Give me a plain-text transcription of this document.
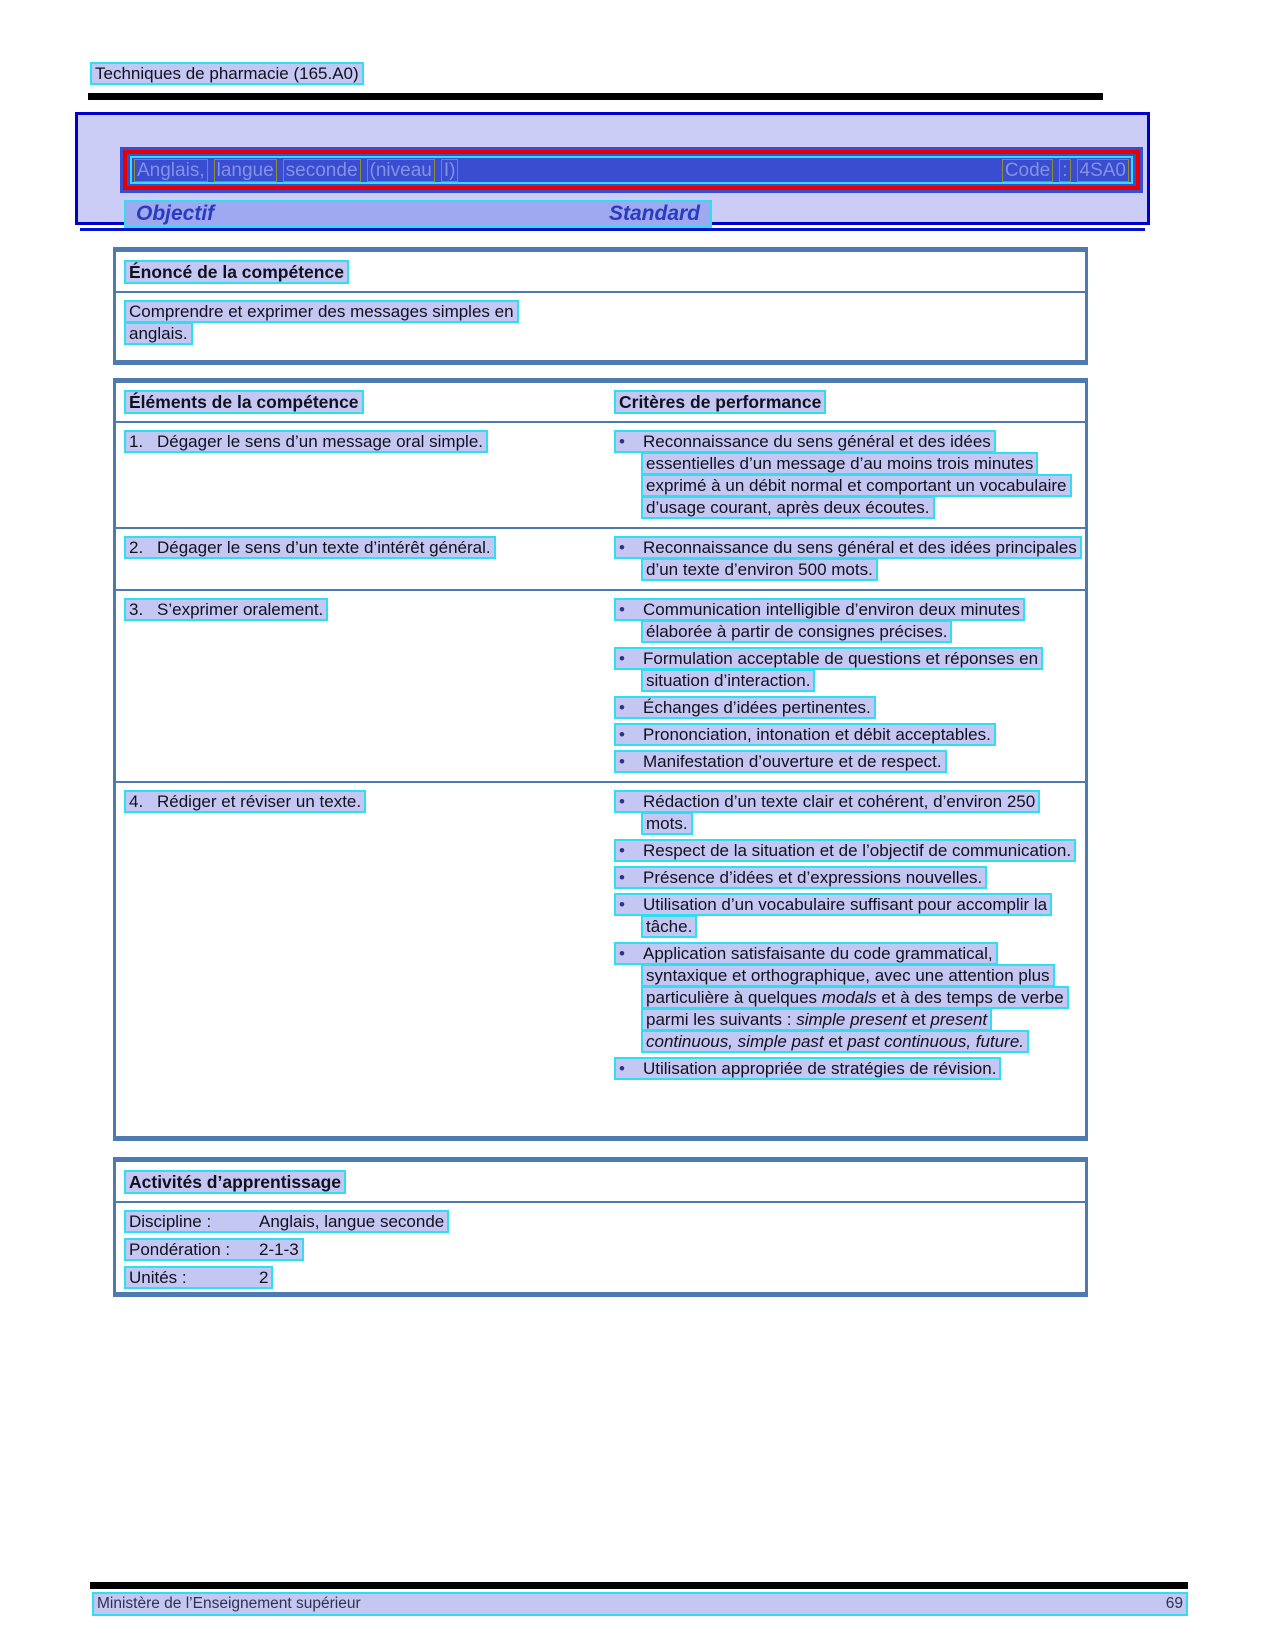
Techniques de pharmacie (165.A0)
Anglais, langue seconde (niveau I)	Code : 4SA0
Objectif	Standard
Énoncé de la compétence
Comprendre et exprimer des messages simples en anglais.
Éléments de la compétence	Critères de performance
1. Dégager le sens d’un message oral simple.	• Reconnaissance du sens général et des idées essentielles d’un message d’au moins trois minutes exprimé à un débit normal et comportant un vocabulaire d’usage courant, après deux écoutes.
2. Dégager le sens d’un texte d’intérêt général.	• Reconnaissance du sens général et des idées principales d’un texte d’environ 500 mots.
3. S’exprimer oralement.	• Communication intelligible d’environ deux minutes élaborée à partir de consignes précises.
• Formulation acceptable de questions et réponses en situation d’interaction.
• Échanges d’idées pertinentes.
• Prononciation, intonation et débit acceptables.
• Manifestation d’ouverture et de respect.
4. Rédiger et réviser un texte.	• Rédaction d’un texte clair et cohérent, d’environ 250 mots.
• Respect de la situation et de l’objectif de communication.
• Présence d’idées et d’expressions nouvelles.
• Utilisation d’un vocabulaire suffisant pour accomplir la tâche.
• Application satisfaisante du code grammatical, syntaxique et orthographique, avec une attention plus particulière à quelques modals et à des temps de verbe parmi les suivants : simple present et present continuous, simple past et past continuous, future.
• Utilisation appropriée de stratégies de révision.
Activités d’apprentissage
Discipline :	Anglais, langue seconde
Pondération : 2-1-3
Unités :	2
Ministère de l’Enseignement supérieur	69
